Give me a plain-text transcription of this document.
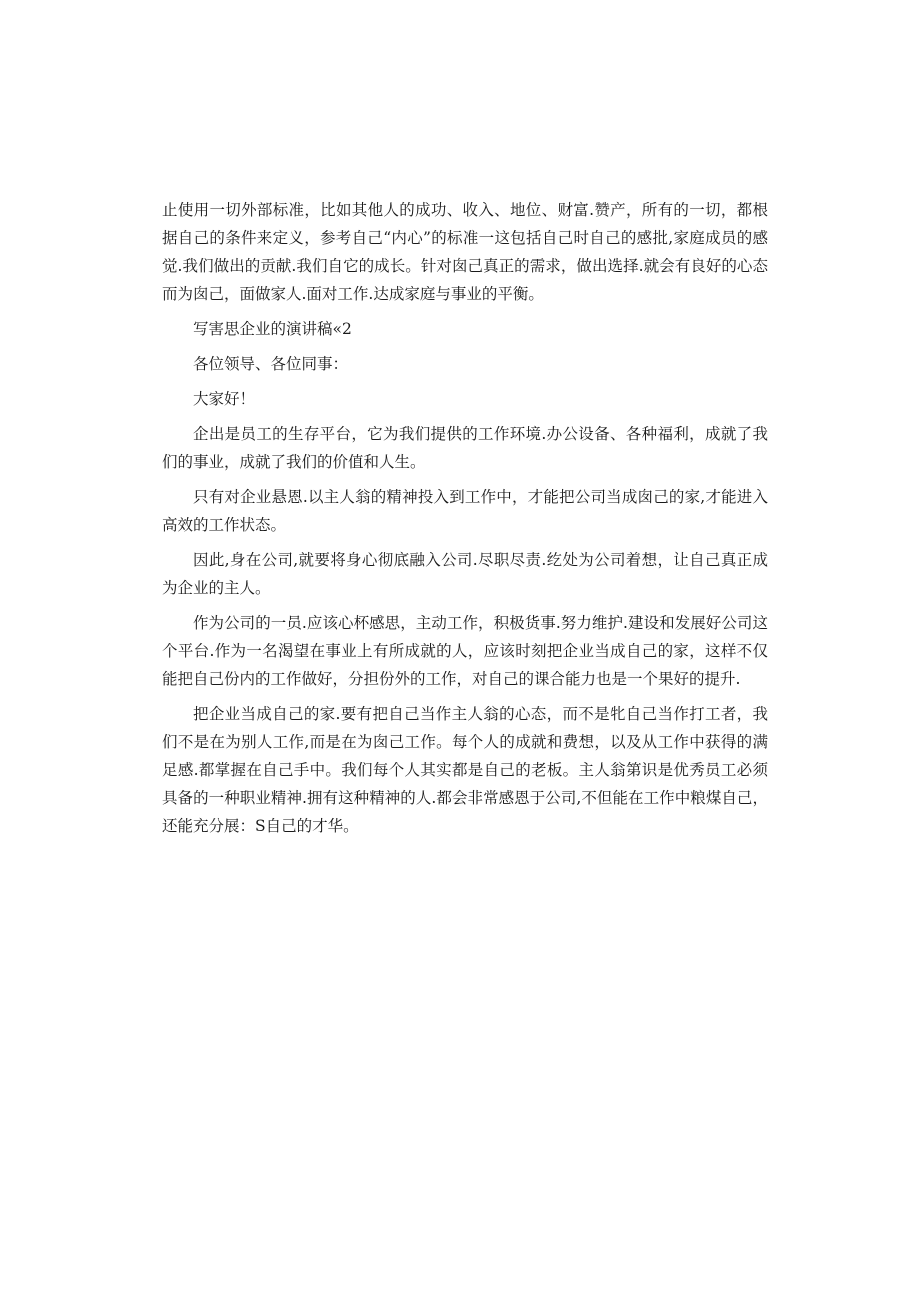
止使用一切外部标准，比如其他人的成功、收入、地位、财富.赞产，所有的一切，都根据自己的条件来定义，参考自己“内心”的标准一这包括自己时自己的感批,家庭成员的感觉.我们做出的贡献.我们自它的成长。针对囱己真正的需求，做出选择.就会有良好的心态而为囱己，面做家人.面对工作.达成家庭与事业的平衡。

写害思企业的演讲稿«2

各位领导、各位同事：

大家好！

企出是员工的生存平台，它为我们提供的工作环境.办公设备、各种福利，成就了我们的事业，成就了我们的价值和人生。

只有对企业悬恩.以主人翁的精神投入到工作中，才能把公司当成囱己的家,才能进入高效的工作状态。

因此,身在公司,就要将身心彻底融入公司.尽职尽责.纥处为公司着想，让自己真正成为企业的主人。

作为公司的一员.应该心杯感思，主动工作，积极货事.努力维护.建设和发展好公司这个平台.作为一名渴望在事业上有所成就的人，应该时刻把企业当成自己的家，这样不仅能把自己份内的工作做好，分担份外的工作，对自己的课合能力也是一个果好的提升.

把企业当成自己的家.要有把自己当作主人翁的心态，而不是牝自己当作打工者，我们不是在为别人工作,而是在为囱己工作。每个人的成就和费想，以及从工作中获得的满足感.都掌握在自己手中。我们每个人其实都是自己的老板。主人翁第识是优秀员工必须具备的一种职业精神.拥有这种精神的人.都会非常感恩于公司,不但能在工作中粮煤自己，还能充分展：S自己的才华。
